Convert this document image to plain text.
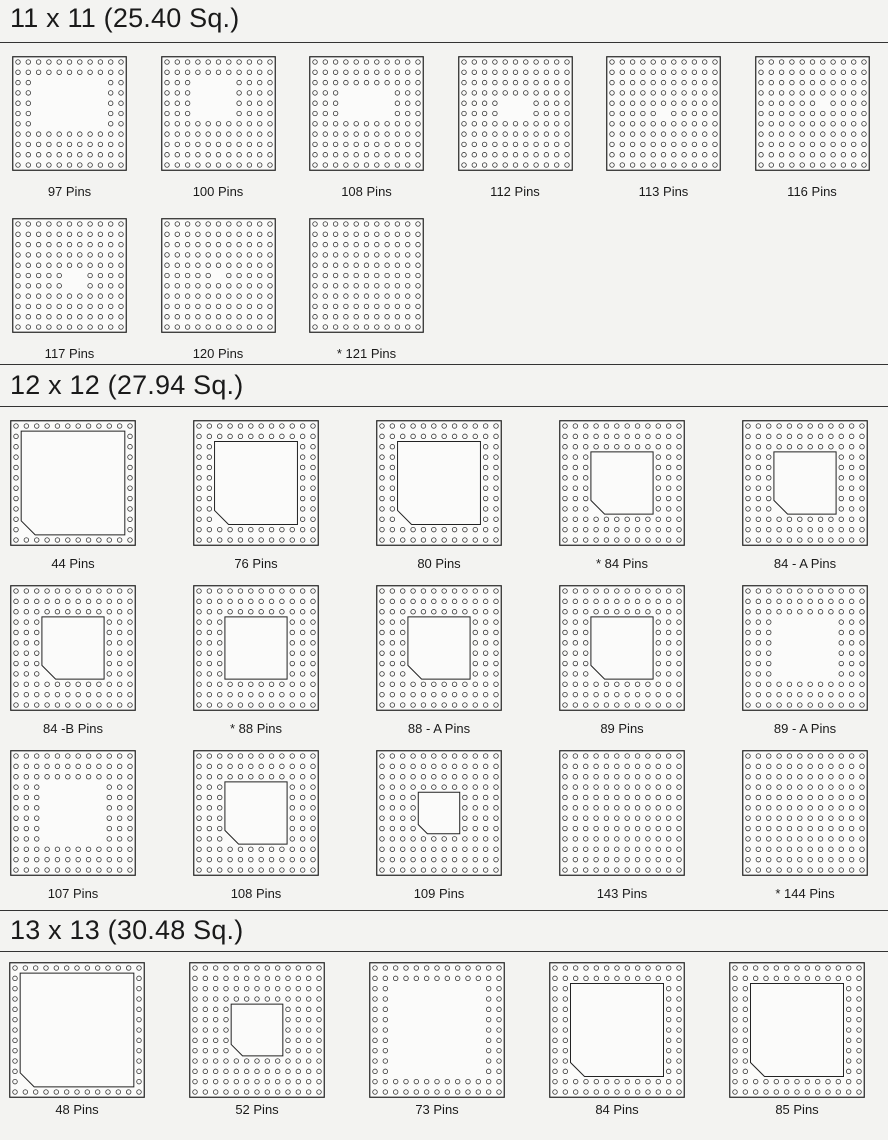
11 x 11 (25.40 Sq.)
12 x 12 (27.94 Sq.)
13 x 13 (30.48 Sq.)
97 Pins	100 Pins	108 Pins	112 Pins	113 Pins	116 Pins
117 Pins	120 Pins	* 121 Pins
44 Pins	76 Pins	80 Pins	* 84 Pins	84 - A Pins
84 -B Pins	* 88 Pins	88 - A Pins	89 Pins	89 - A Pins
107 Pins	108 Pins	109 Pins	143 Pins	* 144 Pins
48 Pins	52 Pins	73 Pins	84 Pins	85 Pins
